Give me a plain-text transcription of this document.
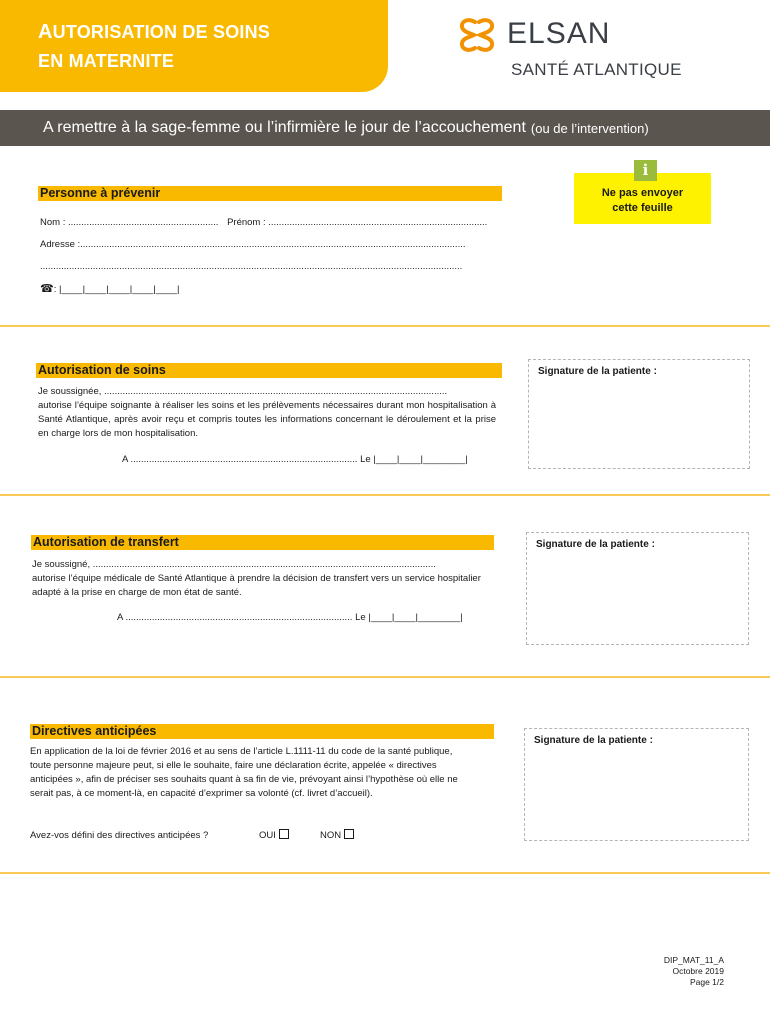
AUTORISATION DE SOINS
EN MATERNITE
ELSAN
SANTÉ ATLANTIQUE
A remettre à la sage-femme ou l’infirmière le jour de l’accouchement (ou de l’intervention)
i
Ne pas envoyer
cette feuille
Personne à prévenir
Nom : ......................................................... Prénom : ...................................................................................
Adresse :..................................................................................................................................................
................................................................................................................................................................
☎: |____|____|____|____|____|
Autorisation de soins
Je soussignée, ..................................................................................................................................
autorise l’équipe soignante à réaliser les soins et les prélèvements nécessaires durant mon hospitalisation à Santé Atlantique, après avoir reçu et compris toutes les informations concernant le déroulement et la prise en charge lors de mon hospitalisation.
A ...................................................................................... Le |____|____|________|
Signature de la patiente :
Autorisation de transfert
Je soussigné, ..................................................................................................................................
autorise l’équipe médicale de Santé Atlantique à prendre la décision de transfert vers un service hospitalier adapté à la prise en charge de mon état de santé.
A ...................................................................................... Le |____|____|________|
Signature de la patiente :
Directives anticipées
En application de la loi de février 2016 et au sens de l’article L.1111-11 du code de la santé publique, toute personne majeure peut, si elle le souhaite, faire une déclaration écrite, appelée « directives anticipées », afin de préciser ses souhaits quant à sa fin de vie, prévoyant ainsi l’hypothèse où elle ne serait pas, à ce moment-là, en capacité d’exprimer sa volonté (cf. livret d’accueil).
Avez-vos défini des directives anticipées ?	OUI	NON
Signature de la patiente :
DIP_MAT_11_A
Octobre 2019
Page 1/2
